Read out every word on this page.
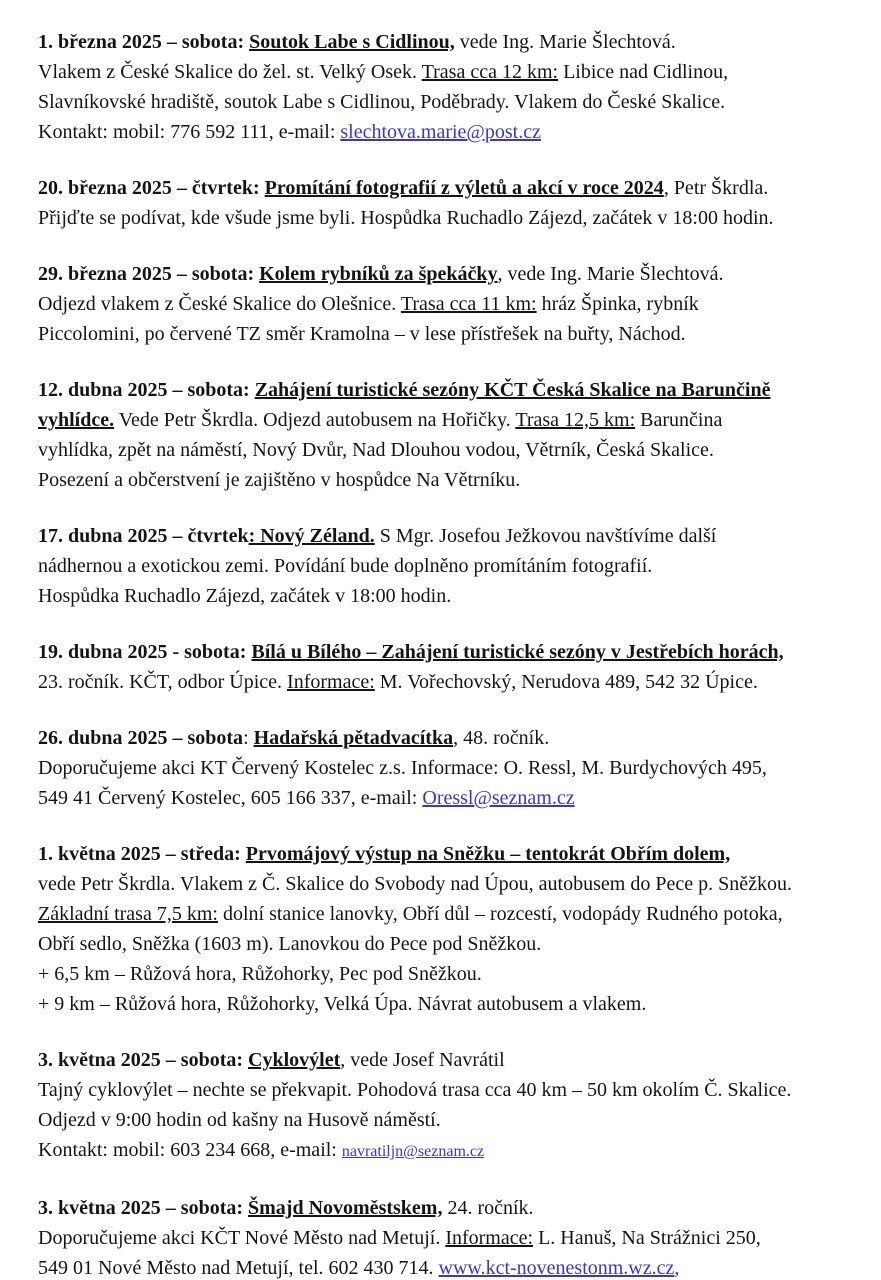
1. března 2025 – sobota: Soutok Labe s Cidlinou, vede Ing. Marie Šlechtová.
Vlakem z České Skalice do žel. st. Velký Osek. Trasa cca 12 km: Libice nad Cidlinou,
Slavníkovské hradiště, soutok Labe s Cidlinou, Poděbrady. Vlakem do České Skalice.
Kontakt: mobil: 776 592 111, e-mail: slechtova.marie@post.cz

20. března 2025 – čtvrtek: Promítání fotografií z výletů a akcí v roce 2024, Petr Škrdla.
Přijďte se podívat, kde všude jsme byli. Hospůdka Ruchadlo Zájezd, začátek v 18:00 hodin.

29. března 2025 – sobota: Kolem rybníků za špekáčky, vede Ing. Marie Šlechtová.
Odjezd vlakem z České Skalice do Olešnice. Trasa cca 11 km: hráz Špinka, rybník
Piccolomini, po červené TZ směr Kramolna – v lese přístřešek na buřty, Náchod.

12. dubna 2025 – sobota: Zahájení turistické sezóny KČT Česká Skalice na Barunčině
vyhlídce. Vede Petr Škrdla. Odjezd autobusem na Hořičky. Trasa 12,5 km: Barunčina
vyhlídka, zpět na náměstí, Nový Dvůr, Nad Dlouhou vodou, Větrník, Česká Skalice.
Posezení a občerstvení je zajištěno v hospůdce Na Větrníku.

17. dubna 2025 – čtvrtek: Nový Zéland. S Mgr. Josefou Ježkovou navštívíme další
nádhernou a exotickou zemi. Povídání bude doplněno promítáním fotografií.
Hospůdka Ruchadlo Zájezd, začátek v 18:00 hodin.

19. dubna 2025 - sobota: Bílá u Bílého – Zahájení turistické sezóny v Jestřebích horách,
23. ročník. KČT, odbor Úpice. Informace: M. Vořechovský, Nerudova 489, 542 32 Úpice.

26. dubna 2025 – sobota: Hadařská pětadvacítka, 48. ročník.
Doporučujeme akci KT Červený Kostelec z.s. Informace: O. Ressl, M. Burdychových 495,
549 41 Červený Kostelec, 605 166 337, e-mail: Oressl@seznam.cz

1. května 2025 – středa: Prvomájový výstup na Sněžku – tentokrát Obřím dolem,
vede Petr Škrdla. Vlakem z Č. Skalice do Svobody nad Úpou, autobusem do Pece p. Sněžkou.
Základní trasa 7,5 km: dolní stanice lanovky, Obří důl – rozcestí, vodopády Rudného potoka,
Obří sedlo, Sněžka (1603 m). Lanovkou do Pece pod Sněžkou.
+ 6,5 km – Růžová hora, Růžohorky, Pec pod Sněžkou.
+ 9 km – Růžová hora, Růžohorky, Velká Úpa. Návrat autobusem a vlakem.

3. května 2025 – sobota: Cyklovýlet, vede Josef Navrátil
Tajný cyklovýlet – nechte se překvapit. Pohodová trasa cca 40 km – 50 km okolím Č. Skalice.
Odjezd v 9:00 hodin od kašny na Husově náměstí.
Kontakt: mobil: 603 234 668, e-mail: navratiljn@seznam.cz

3. května 2025 – sobota: Šmajd Novoměstskem, 24. ročník.
Doporučujeme akci KČT Nové Město nad Metují. Informace: L. Hanuš, Na Strážnici 250,
549 01 Nové Město nad Metují, tel. 602 430 714. www.kct-novenestonm.wz.cz,
